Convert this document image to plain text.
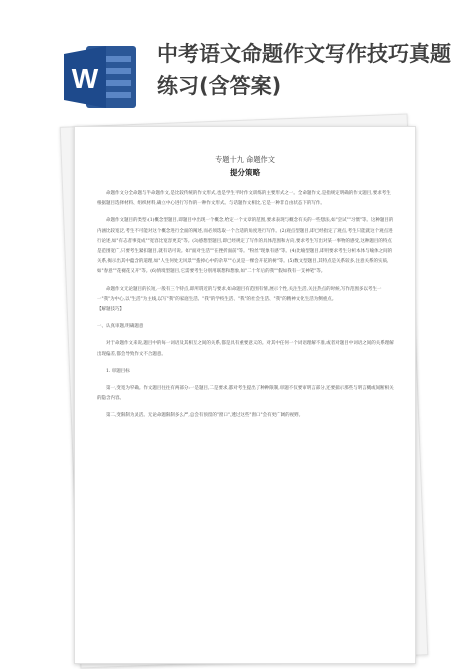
W
中考语文命题作文写作技巧真题练习(含答案)
专题十九 命题作文
提分策略

命题作文分全命题与半命题作文,是比较传统的作文形式,也是学生平时作文训练的主要形式之一。全命题作文,是指规定明确的作文题目,要求考生根据题目选择材料、组织材料,确立中心进行写作的一种作文形式。与话题作文相比,它是一种非自由状态下的写作。

命题作文题目的类型:(1)概念型题目,即题目中出现一个概念,给定一个文章的范围,要求表现与概念有关的一些想法,如"尝试""习惯"等。这种题目的内涵比较宽泛,考生不可能对这个概念进行全面的阐述,而必须选取一个合适的角度进行写作。(2)观点型题目,即已经指定了观点,考生只能就这个观点进行论述,如"有志者事竟成""宽容比宽容更美"等。(3)感想型题目,即已经规定了写作的具体范围和方向,要求考生写出对某一事物的感受,这种题目的特点是范围宽广,只要考生紧扣题目,就有话可说。如"面对生活""在挫折面前"等。"粉丝"现象有感"等。(4)比喻型题目,即用要求考生分析本体与喻体之间的关系,揭示出其中蕴含的道理,如"人生何处无风景""拨掉心中的杂草""心灵是一棵会开花的树"等。(5)数文型题目,其特点是关系较多,注意关系的实质,如"春意""花褪花又开"等。(6)情境型题目,它需要考生分别用联想和想象,如"二十年后的我""假如我有一支神笔"等。

命题作文无论题目的长短,一般有三个特点,即所谓近的与要求,如命题目有范围有情,展示个性,关注生活,关注热点的时候,写作范围多以考生一一"我"为中心,以"生活"为主线,以写"我"的家庭生活、"我"的学校生活、"我"的社会生活、"我"的精神文化生活为侧重点。

【解题技巧】

一、认真审题,明确题意

对于命题作文来说,题目中的每一词语及其相互之间的关系,都是具有重要意义的。对其中任何一个词语理解不准,或者对题目中词语之间的关系理解出现偏差,都会导致作文不合题意。

1. 审题目标

第一,变宽为窄确。作文题目往往有两部分:一是题目,二是要求,都对考生提出了种种限制,审题不仅要审明言部分,还要揣示那些与明言概或间断相关的隐含内容。

第二,变限制为灵活。无论命题限制多么严,总会有预留的"窗口",透过这些"窗口"会有更广阔的视野。
